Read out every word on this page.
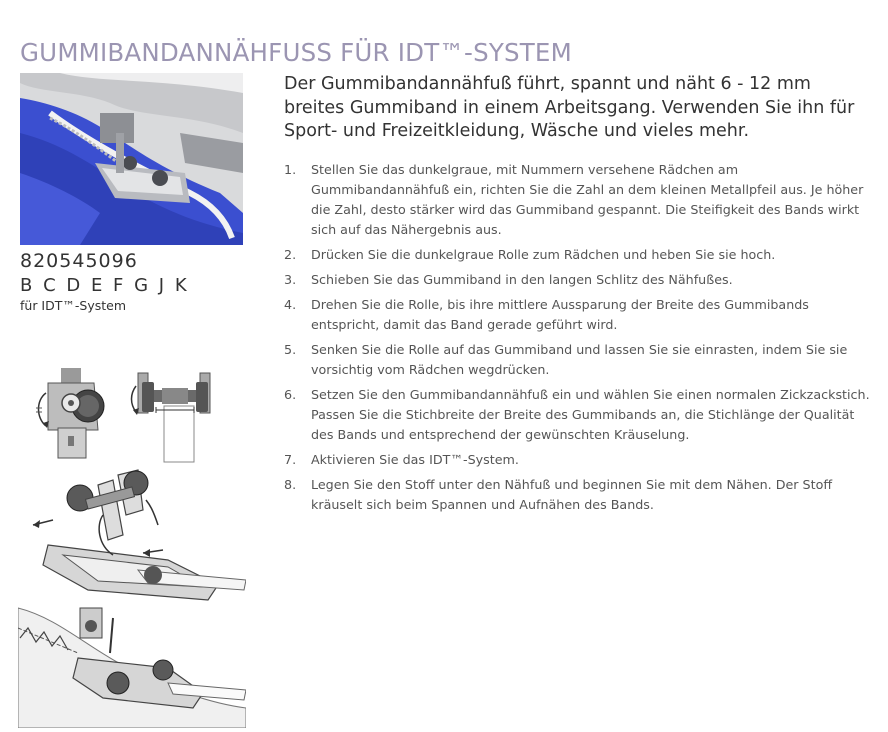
GUMMIBANDANNÄHFUSS FÜR IDT™-SYSTEM
820545096
B C D E F G J K
für IDT™-System

Der Gummibandannähfuß führt, spannt und näht 6 - 12 mm breites Gummiband in einem Arbeitsgang. Verwenden Sie ihn für Sport- und Freizeitkleidung, Wäsche und vieles mehr.

1.	Stellen Sie das dunkelgraue, mit Nummern versehene Rädchen am Gummibandannähfuß ein, richten Sie die Zahl an dem kleinen Metallpfeil aus. Je höher die Zahl, desto stärker wird das Gummiband gespannt. Die Steifigkeit des Bands wirkt sich auf das Nähergebnis aus.
2.	Drücken Sie die dunkelgraue Rolle zum Rädchen und heben Sie sie hoch.
3.	Schieben Sie das Gummiband in den langen Schlitz des Nähfußes.
4.	Drehen Sie die Rolle, bis ihre mittlere Aussparung der Breite des Gummibands entspricht, damit das Band gerade geführt wird.
5.	Senken Sie die Rolle auf das Gummiband und lassen Sie sie einrasten, indem Sie sie vorsichtig vom Rädchen wegdrücken.
6.	Setzen Sie den Gummibandannähfuß ein und wählen Sie einen normalen Zickzackstich. Passen Sie die Stichbreite der Breite des Gummibands an, die Stichlänge der Qualität des Bands und entsprechend der gewünschten Kräuselung.
7.	Aktivieren Sie das IDT™-System.
8.	Legen Sie den Stoff unter den Nähfuß und beginnen Sie mit dem Nähen. Der Stoff kräuselt sich beim Spannen und Aufnähen des Bands.
